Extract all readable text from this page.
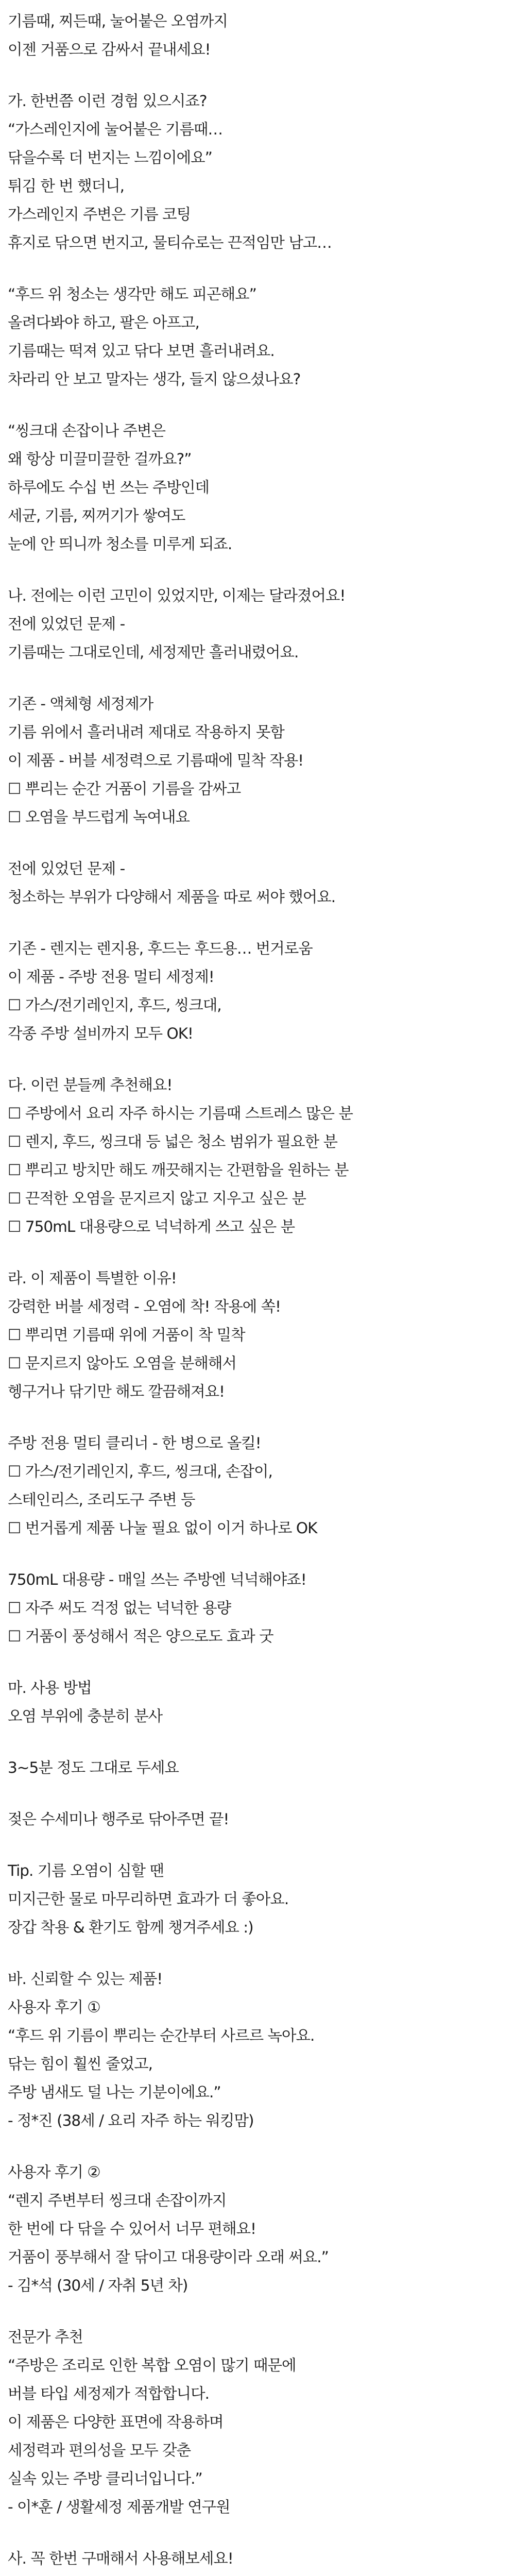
기름때, 찌든때, 눌어붙은 오염까지
이젠 거품으로 감싸서 끝내세요!
가. 한번쯤 이런 경험 있으시죠?
“가스레인지에 눌어붙은 기름때…
닦을수록 더 번지는 느낌이에요”
튀김 한 번 했더니,
가스레인지 주변은 기름 코팅
휴지로 닦으면 번지고, 물티슈로는 끈적임만 남고…
“후드 위 청소는 생각만 해도 피곤해요”
올려다봐야 하고, 팔은 아프고,
기름때는 떡져 있고 닦다 보면 흘러내려요.
차라리 안 보고 말자는 생각, 들지 않으셨나요?
“씽크대 손잡이나 주변은
왜 항상 미끌미끌한 걸까요?”
하루에도 수십 번 쓰는 주방인데
세균, 기름, 찌꺼기가 쌓여도
눈에 안 띄니까 청소를 미루게 되죠.
나. 전에는 이런 고민이 있었지만, 이제는 달라졌어요!
전에 있었던 문제 -
기름때는 그대로인데, 세정제만 흘러내렸어요.
기존 - 액체형 세정제가
기름 위에서 흘러내려 제대로 작용하지 못함
이 제품 - 버블 세정력으로 기름때에 밀착 작용!
☐ 뿌리는 순간 거품이 기름을 감싸고
☐ 오염을 부드럽게 녹여내요
전에 있었던 문제 -
청소하는 부위가 다양해서 제품을 따로 써야 했어요.
기존 - 렌지는 렌지용, 후드는 후드용… 번거로움
이 제품 - 주방 전용 멀티 세정제!
☐ 가스/전기레인지, 후드, 씽크대,
각종 주방 설비까지 모두 OK!
다. 이런 분들께 추천해요!
☐ 주방에서 요리 자주 하시는 기름때 스트레스 많은 분
☐ 렌지, 후드, 씽크대 등 넓은 청소 범위가 필요한 분
☐ 뿌리고 방치만 해도 깨끗해지는 간편함을 원하는 분
☐ 끈적한 오염을 문지르지 않고 지우고 싶은 분
☐ 750mL 대용량으로 넉넉하게 쓰고 싶은 분
라. 이 제품이 특별한 이유!
강력한 버블 세정력 - 오염에 착! 작용에 쏙!
☐ 뿌리면 기름때 위에 거품이 착 밀착
☐ 문지르지 않아도 오염을 분해해서
헹구거나 닦기만 해도 깔끔해져요!
주방 전용 멀티 클리너 - 한 병으로 올킬!
☐ 가스/전기레인지, 후드, 씽크대, 손잡이,
스테인리스, 조리도구 주변 등
☐ 번거롭게 제품 나눌 필요 없이 이거 하나로 OK
750mL 대용량 - 매일 쓰는 주방엔 넉넉해야죠!
☐ 자주 써도 걱정 없는 넉넉한 용량
☐ 거품이 풍성해서 적은 양으로도 효과 굿
마. 사용 방법
오염 부위에 충분히 분사
3~5분 정도 그대로 두세요
젖은 수세미나 행주로 닦아주면 끝!
Tip. 기름 오염이 심할 땐
미지근한 물로 마무리하면 효과가 더 좋아요.
장갑 착용 & 환기도 함께 챙겨주세요 :)
바. 신뢰할 수 있는 제품!
사용자 후기 ①
“후드 위 기름이 뿌리는 순간부터 사르르 녹아요.
닦는 힘이 훨씬 줄었고,
주방 냄새도 덜 나는 기분이에요.”
- 정*진 (38세 / 요리 자주 하는 워킹맘)
사용자 후기 ②
“렌지 주변부터 씽크대 손잡이까지
한 번에 다 닦을 수 있어서 너무 편해요!
거품이 풍부해서 잘 닦이고 대용량이라 오래 써요.”
- 김*석 (30세 / 자취 5년 차)
전문가 추천
“주방은 조리로 인한 복합 오염이 많기 때문에
버블 타입 세정제가 적합합니다.
이 제품은 다양한 표면에 작용하며
세정력과 편의성을 모두 갖춘
실속 있는 주방 클리너입니다.”
- 이*훈 / 생활세정 제품개발 연구원
사. 꼭 한번 구매해서 사용해보세요!
